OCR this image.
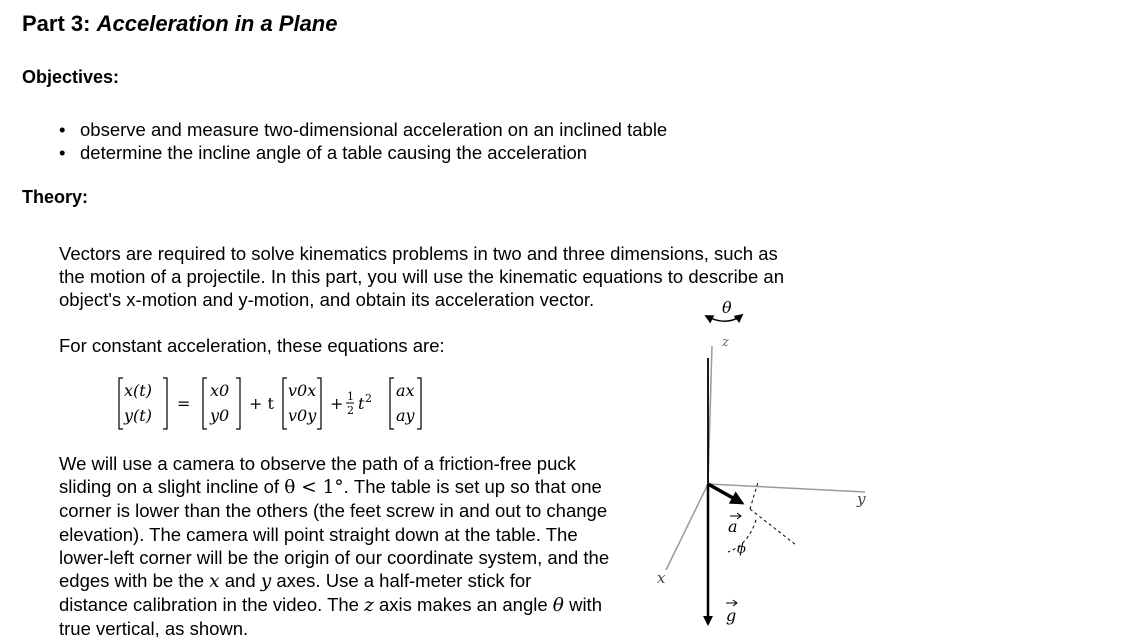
Part 3: Acceleration in a Plane
Objectives:
• observe and measure two-dimensional acceleration on an inclined table
• determine the incline angle of a table causing the acceleration
Theory:
Vectors are required to solve kinematics problems in two and three dimensions, such as
the motion of a projectile. In this part, you will use the kinematic equations to describe an
object's x-motion and y-motion, and obtain its acceleration vector.
For constant acceleration, these equations are:
x(t)
y(t)
=
x0
y0
+ t
v0x
v0y
+ 1
2 t 2 ax
ay
We will use a camera to observe the path of a friction-free puck
sliding on a slight incline of θ < 1°. The table is set up so that one
corner is lower than the others (the feet screw in and out to change
elevation). The camera will point straight down at the table. The
lower-left corner will be the origin of our coordinate system, and the
edges with be the x and y axes. Use a half-meter stick for
distance calibration in the video. The z axis makes an angle θ with
true vertical, as shown.
θ
z
y
x
ϕ
a
g
